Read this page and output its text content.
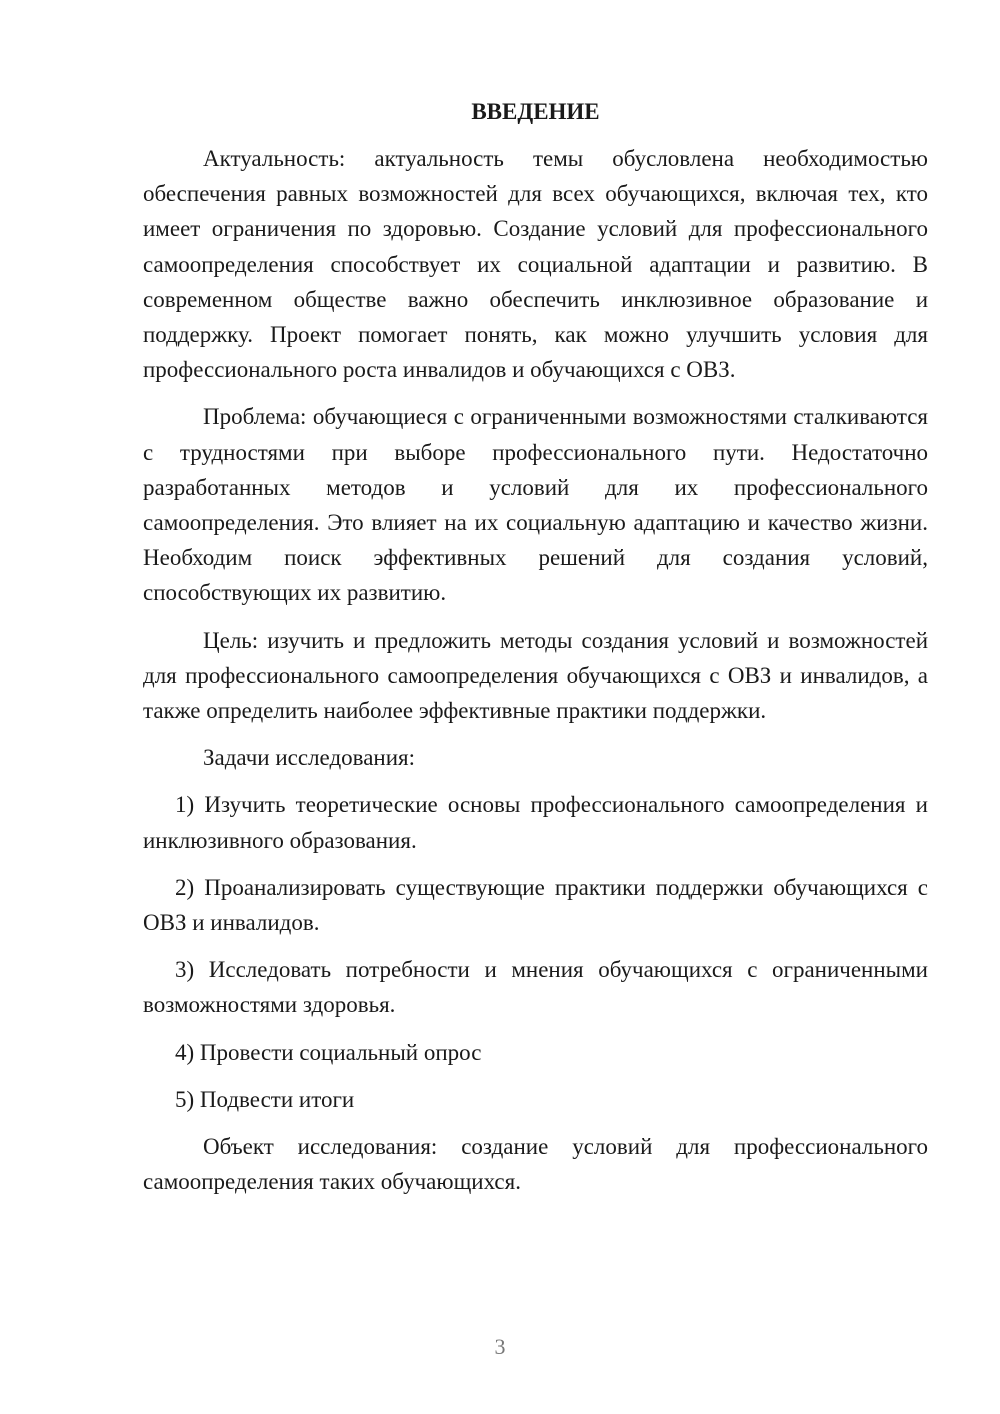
ВВЕДЕНИЕ

Актуальность: актуальность темы обусловлена необходимостью обеспечения равных возможностей для всех обучающихся, включая тех, кто имеет ограничения по здоровью. Создание условий для профессионального самоопределения способствует их социальной адаптации и развитию. В современном обществе важно обеспечить инклюзивное образование и поддержку. Проект помогает понять, как можно улучшить условия для профессионального роста инвалидов и обучающихся с ОВЗ.

Проблема: обучающиеся с ограниченными возможностями сталкиваются с трудностями при выборе профессионального пути. Недостаточно разработанных методов и условий для их профессионального самоопределения. Это влияет на их социальную адаптацию и качество жизни. Необходим поиск эффективных решений для создания условий, способствующих их развитию.

Цель: изучить и предложить методы создания условий и возможностей для профессионального самоопределения обучающихся с ОВЗ и инвалидов, а также определить наиболее эффективные практики поддержки.

Задачи исследования:

1) Изучить теоретические основы профессионального самоопределения и инклюзивного образования.

2) Проанализировать существующие практики поддержки обучающихся с ОВЗ и инвалидов.

3) Исследовать потребности и мнения обучающихся с ограниченными возможностями здоровья.

4) Провести социальный опрос

5) Подвести итоги

Объект исследования: создание условий для профессионального самоопределения таких обучающихся.

3
